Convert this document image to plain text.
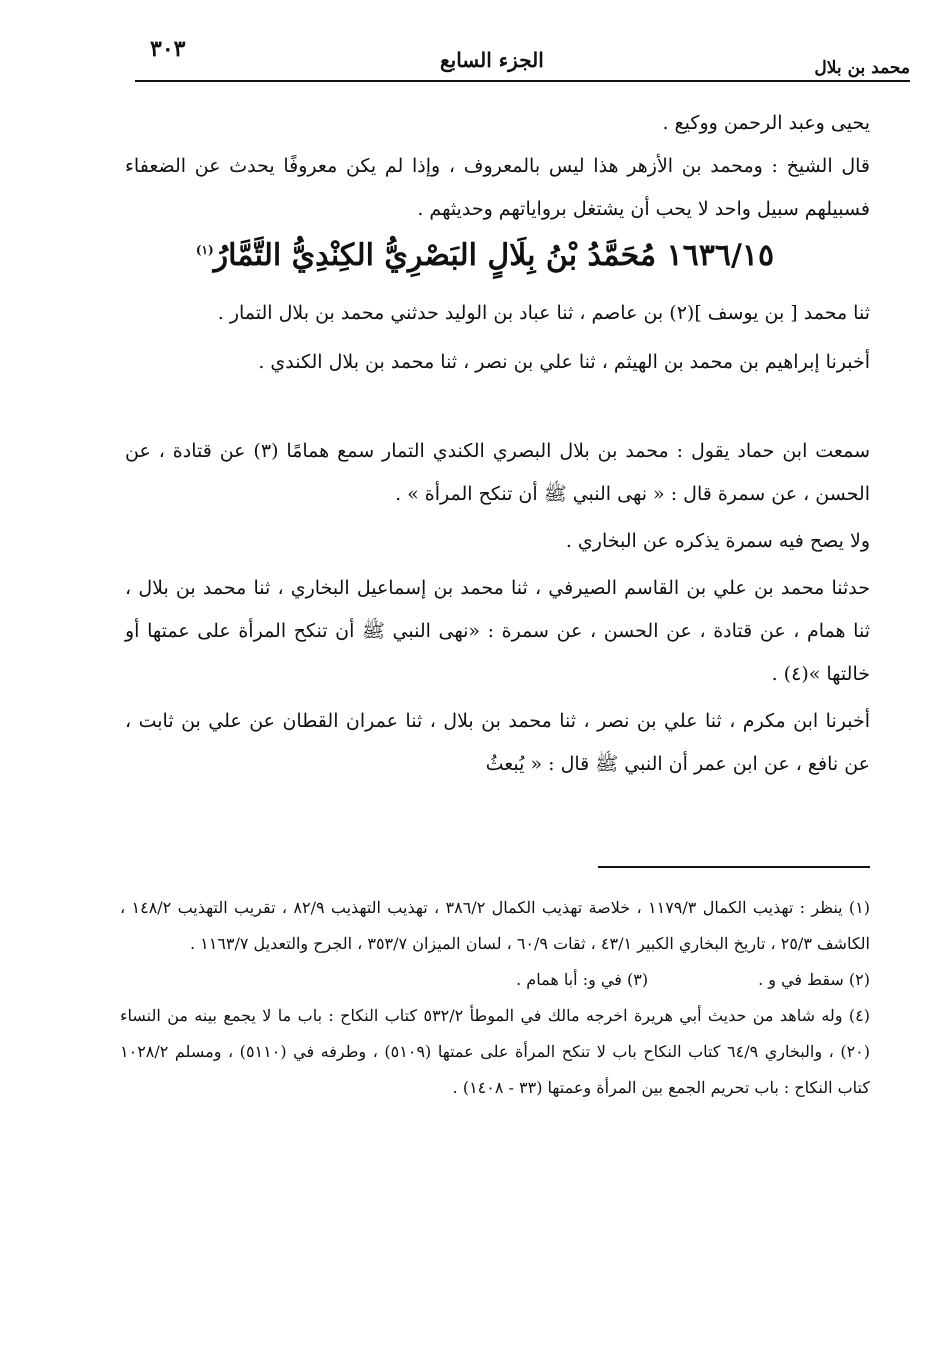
٣٠٣	الجزء السابع	محمد بن بلال

يحيى وعبد الرحمن ووكيع .

قال الشيخ : ومحمد بن الأزهر هذا ليس بالمعروف ، وإذا لم يكن معروفًا يحدث عن الضعفاء فسبيلهم سبيل واحد لا يحب أن يشتغل برواياتهم وحديثهم .

١٦٣٦/١٥ مُحَمَّدُ بْنُ بِلَالٍ البَصْرِيُّ الكِنْدِيُّ التَّمَّارُ$^{(١)}$

ثنا محمد [ بن يوسف ](٢) بن عاصم ، ثنا عباد بن الوليد حدثني محمد بن بلال التمار .

أخبرنا إبراهيم بن محمد بن الهيثم ، ثنا علي بن نصر ، ثنا محمد بن بلال الكندي .

سمعت ابن حماد يقول : محمد بن بلال البصري الكندي التمار سمع همامًا (٣) عن قتادة ، عن الحسن ، عن سمرة قال : « نهى النبي ﷺ أن تنكح المرأة » .

ولا يصح فيه سمرة يذكره عن البخاري .

حدثنا محمد بن علي بن القاسم الصيرفي ، ثنا محمد بن إسماعيل البخاري ، ثنا محمد بن بلال ، ثنا همام ، عن قتادة ، عن الحسن ، عن سمرة : «نهى النبي ﷺ أن تنكح المرأة على عمتها أو خالتها »(٤) .

أخبرنا ابن مكرم ، ثنا علي بن نصر ، ثنا محمد بن بلال ، ثنا عمران القطان عن علي بن ثابت ، عن نافع ، عن ابن عمر أن النبي ﷺ قال : « يُبعثُ

(١) ينظر : تهذيب الكمال ١١٧٩/٣ ، خلاصة تهذيب الكمال ٣٨٦/٢ ، تهذيب التهذيب ٨٢/٩ ، تقريب التهذيب ١٤٨/٢ ، الكاشف ٢٥/٣ ، تاريخ البخاري الكبير ٤٣/١ ، ثقات ٦٠/٩ ، لسان الميزان ٣٥٣/٧ ، الجرح والتعديل ١١٦٣/٧ .

(٢) سقط في و .
(٣) في و: أبا همام .

(٤) وله شاهد من حديث أبي هريرة اخرجه مالك في الموطأ ٥٣٢/٢ كتاب النكاح : باب ما لا يجمع بينه من النساء (٢٠) ، والبخاري ٦٤/٩ كتاب النكاح باب لا تنكح المرأة على عمتها (٥١٠٩) ، وطرفه في (٥١١٠) ، ومسلم ١٠٢٨/٢ كتاب النكاح : باب تحريم الجمع بين المرأة وعمتها (٣٣ - ١٤٠٨) .
